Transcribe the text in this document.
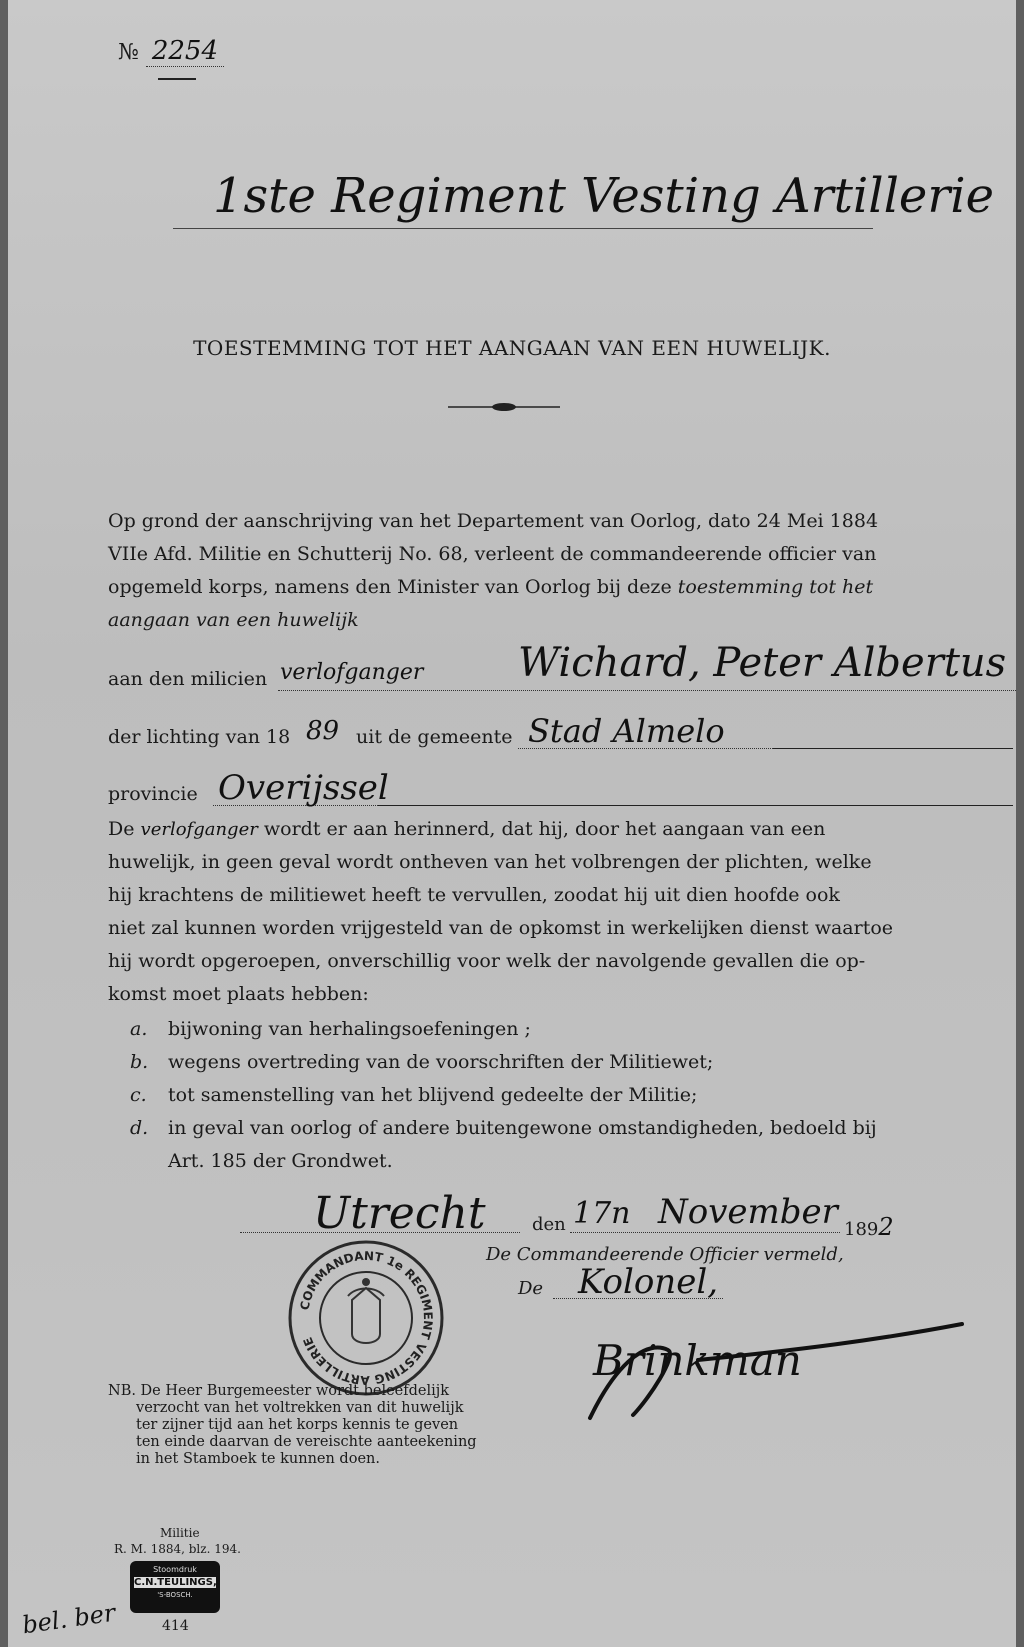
№ 2254
1ste Regiment Vesting Artillerie
TOESTEMMING TOT HET AANGAAN VAN EEN HUWELIJK.
Op grond der aanschrijving van het Departement van Oorlog, dato 24 Mei 1884
VIIe Afd. Militie en Schutterij No. 68, verleent de commandeerende officier van
opgemeld korps, namens den Minister van Oorlog bij deze toestemming tot het
aangaan van een huwelijk
aan den milicien verlofganger Wichard, Peter Albertus
der lichting van 18 89 uit de gemeente Stad Almelo
provincie Overijssel
De verlofganger wordt er aan herinnerd, dat hij, door het aangaan van een
huwelijk, in geen geval wordt ontheven van het volbrengen der plichten, welke
hij krachtens de militiewet heeft te vervullen, zoodat hij uit dien hoofde ook
niet zal kunnen worden vrijgesteld van de opkomst in werkelijken dienst waartoe
hij wordt opgeroepen, onverschillig voor welk der navolgende gevallen die op-
komst moet plaats hebben:
a. bijwoning van herhalingsoefeningen ;
b. wegens overtreding van de voorschriften der Militiewet;
c. tot samenstelling van het blijvend gedeelte der Militie;
d. in geval van oorlog of andere buitengewone omstandigheden, bedoeld bij
Art. 185 der Grondwet.
Utrecht	den 17n November 1892
De Commandeerende Officier vermeld,
De Kolonel,
Brinkman
COMMANDANT 1e REGIMENT VESTING ARTILLERIE
NB. De Heer Burgemeester wordt beleefdelijk
verzocht van het voltrekken van dit huwelijk
ter zijner tijd aan het korps kennis te geven
ten einde daarvan de vereischte aanteekening
in het Stamboek te kunnen doen.
Militie
R. M. 1884, blz. 194.
Stoomdruk
C.N.TEULINGS,
'S-BOSCH.
414
bel. ber
